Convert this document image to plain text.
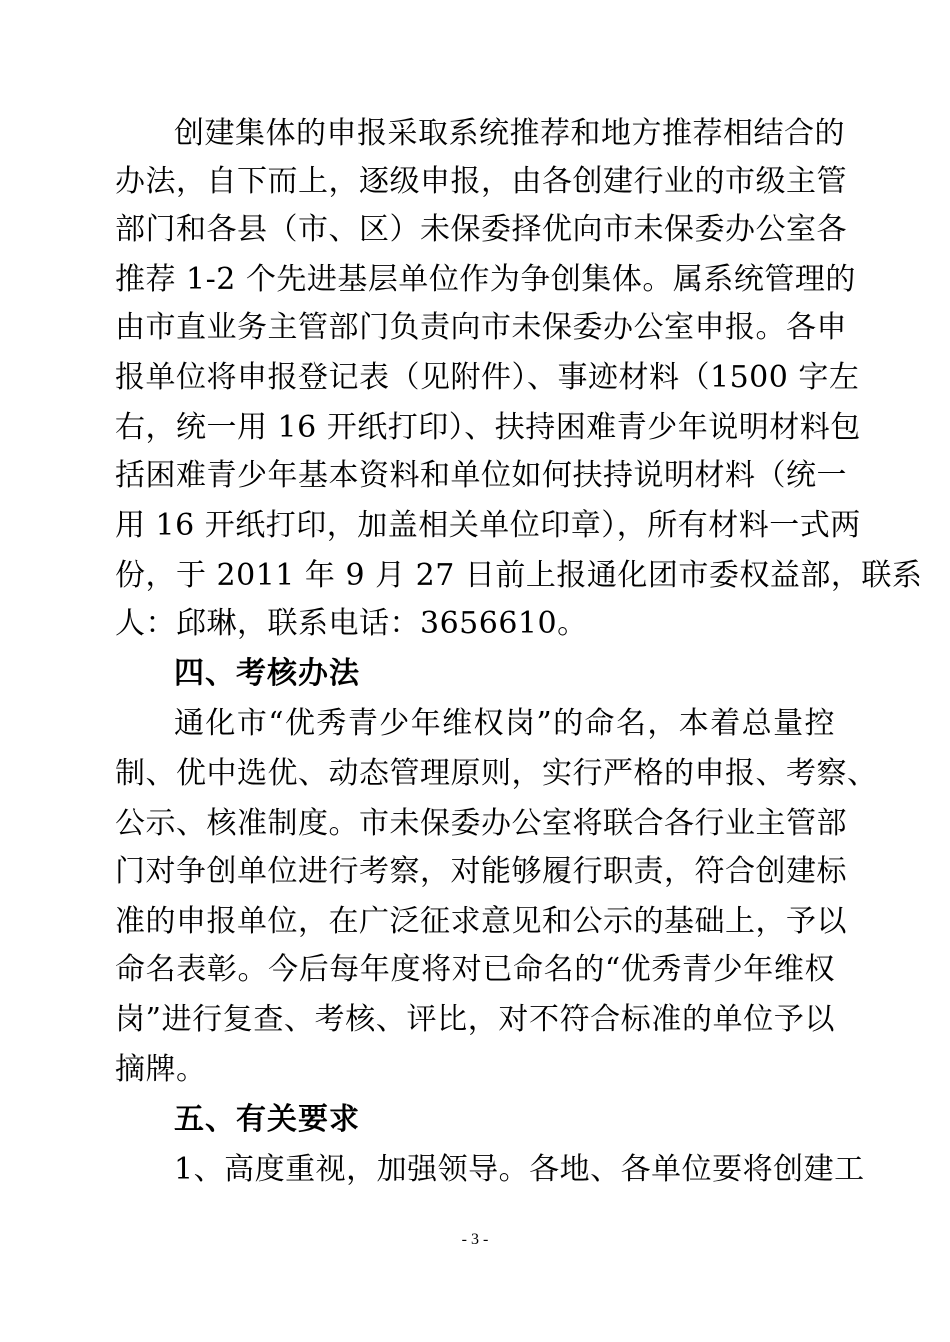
创建集体的申报采取系统推荐和地方推荐相结合的
办法，自下而上，逐级申报，由各创建行业的市级主管
部门和各县（市、区）未保委择优向市未保委办公室各
推荐 1-2 个先进基层单位作为争创集体。属系统管理的
由市直业务主管部门负责向市未保委办公室申报。各申
报单位将申报登记表（见附件）、事迹材料（1500 字左
右，统一用 16 开纸打印）、扶持困难青少年说明材料包
括困难青少年基本资料和单位如何扶持说明材料（统一
用 16 开纸打印，加盖相关单位印章），所有材料一式两
份，于 2011 年 9 月 27 日前上报通化团市委权益部，联系
人：邱琳，联系电话：3656610。
四、考核办法
通化市“优秀青少年维权岗”的命名，本着总量控
制、优中选优、动态管理原则，实行严格的申报、考察、
公示、核准制度。市未保委办公室将联合各行业主管部
门对争创单位进行考察，对能够履行职责，符合创建标
准的申报单位，在广泛征求意见和公示的基础上，予以
命名表彰。今后每年度将对已命名的“优秀青少年维权
岗”进行复查、考核、评比，对不符合标准的单位予以
摘牌。
五、有关要求
1、高度重视，加强领导。各地、各单位要将创建工
- 3 -
